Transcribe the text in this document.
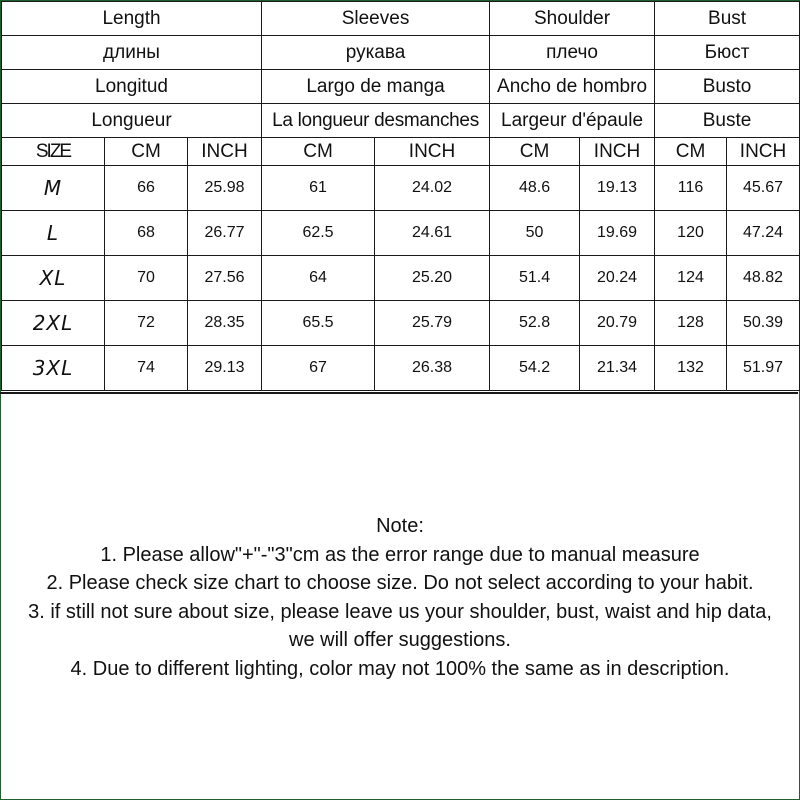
Length			Sleeves		Shoulder		Bust	
длины			рукава		плечо		Бюст	
Longitud			Largo de manga		Ancho de hombro		Busto	
Longueur			La longueur desmanches		Largeur d'épaule		Buste	
SIZE	CM	INCH	CM	INCH	CM	INCH	CM	INCH
M	66	25.98	61	24.02	48.6	19.13	116	45.67
L	68	26.77	62.5	24.61	50	19.69	120	47.24
XL	70	27.56	64	25.20	51.4	20.24	124	48.82
2XL	72	28.35	65.5	25.79	52.8	20.79	128	50.39
3XL	74	29.13	67	26.38	54.2	21.34	132	51.97
Note:
1. Please allow"+"-"3"cm as the error range due to manual measure
2. Please check size chart to choose size. Do not select according to your habit.
3. if still not sure about size, please leave us your shoulder, bust, waist and hip data,
we will offer suggestions.
4. Due to different lighting, color may not 100% the same as in description.
